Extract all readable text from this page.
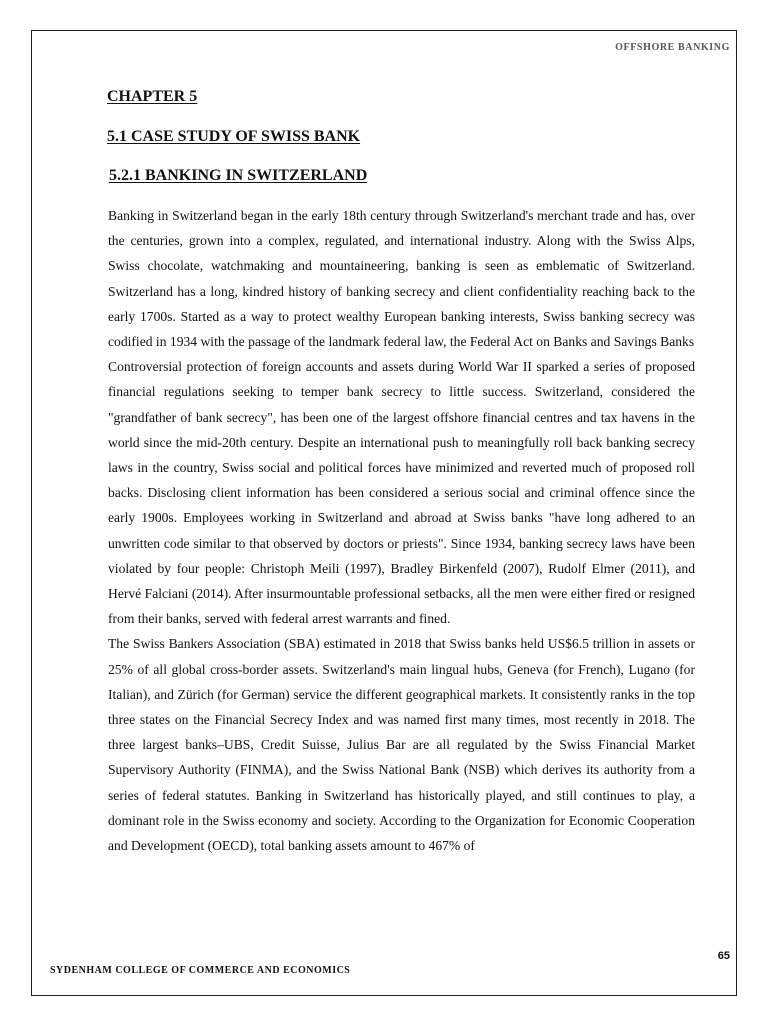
OFFSHORE BANKING
CHAPTER 5
5.1 CASE STUDY OF SWISS BANK
5.2.1 BANKING IN SWITZERLAND

Banking in Switzerland began in the early 18th century through Switzerland's merchant trade and has, over the centuries, grown into a complex, regulated, and international industry. Along with the Swiss Alps, Swiss chocolate, watchmaking and mountaineering, banking is seen as emblematic of Switzerland. Switzerland has a long, kindred history of banking secrecy and client confidentiality reaching back to the early 1700s. Started as a way to protect wealthy European banking interests, Swiss banking secrecy was codified in 1934 with the passage of the landmark federal law, the Federal Act on Banks and Savings Banks

Controversial protection of foreign accounts and assets during World War II sparked a series of proposed financial regulations seeking to temper bank secrecy to little success. Switzerland, considered the "grandfather of bank secrecy", has been one of the largest offshore financial centres and tax havens in the world since the mid-20th century. Despite an international push to meaningfully roll back banking secrecy laws in the country, Swiss social and political forces have minimized and reverted much of proposed roll backs. Disclosing client information has been considered a serious social and criminal offence since the early 1900s. Employees working in Switzerland and abroad at Swiss banks "have long adhered to an unwritten code similar to that observed by doctors or priests". Since 1934, banking secrecy laws have been violated by four people: Christoph Meili (1997), Bradley Birkenfeld (2007), Rudolf Elmer (2011), and Hervé Falciani (2014). After insurmountable professional setbacks, all the men were either fired or resigned from their banks, served with federal arrest warrants and fined.

The Swiss Bankers Association (SBA) estimated in 2018 that Swiss banks held US$6.5 trillion in assets or 25% of all global cross-border assets. Switzerland's main lingual hubs, Geneva (for French), Lugano (for Italian), and Zürich (for German) service the different geographical markets. It consistently ranks in the top three states on the Financial Secrecy Index and was named first many times, most recently in 2018. The three largest banks–UBS, Credit Suisse, Julius Bar are all regulated by the Swiss Financial Market Supervisory Authority (FINMA), and the Swiss National Bank (NSB) which derives its authority from a series of federal statutes. Banking in Switzerland has historically played, and still continues to play, a dominant role in the Swiss economy and society. According to the Organization for Economic Cooperation and Development (OECD), total banking assets amount to 467% of

65
SYDENHAM COLLEGE OF COMMERCE AND ECONOMICS
